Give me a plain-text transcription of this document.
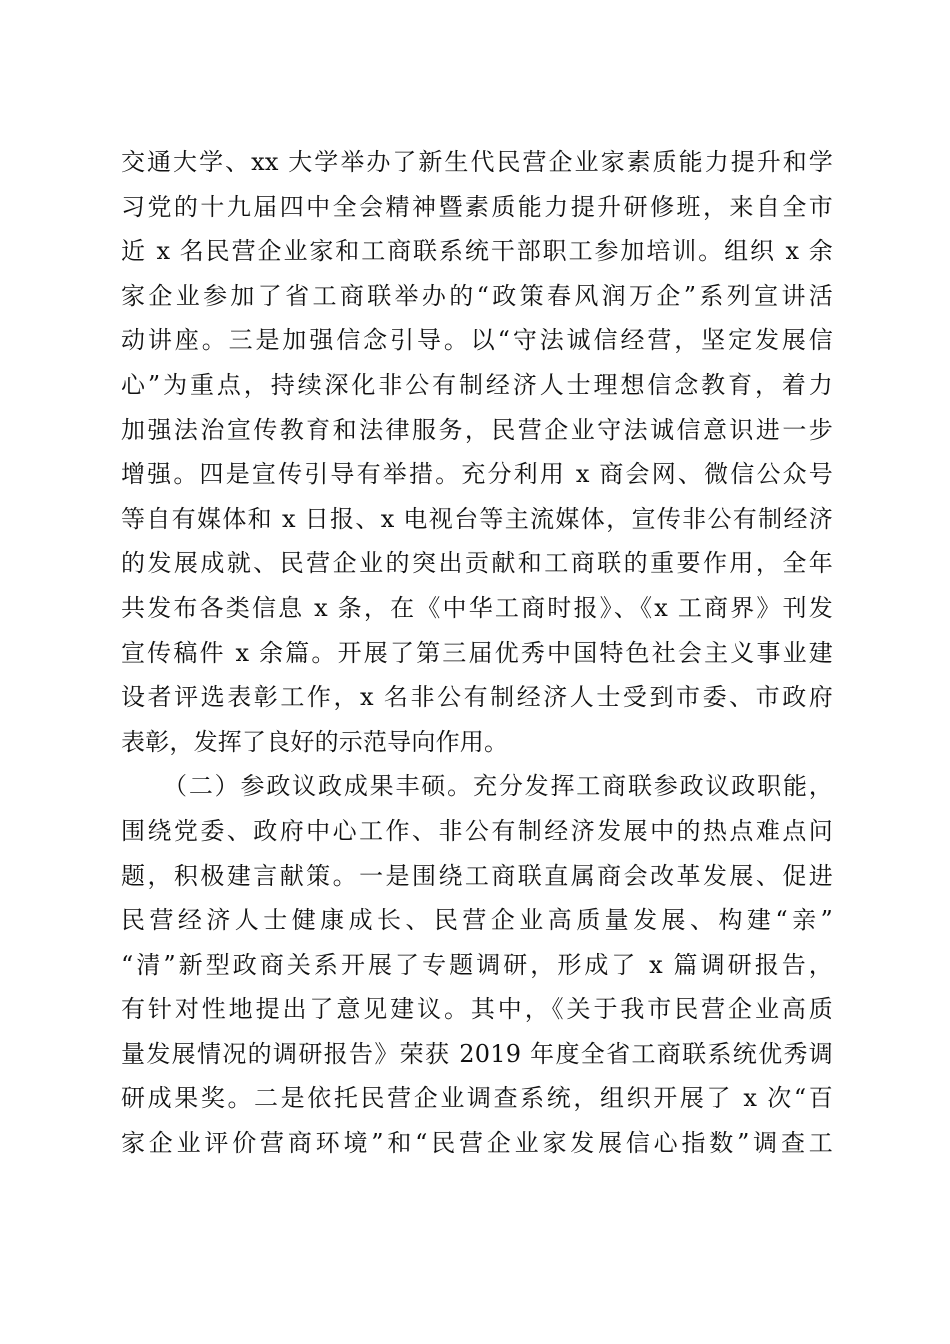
交通大学、xx 大学举办了新生代民营企业家素质能力提升和学
习党的十九届四中全会精神暨素质能力提升研修班，来自全市
近 x 名民营企业家和工商联系统干部职工参加培训。组织 x 余
家企业参加了省工商联举办的“政策春风润万企”系列宣讲活
动讲座。三是加强信念引导。以“守法诚信经营，坚定发展信
心”为重点，持续深化非公有制经济人士理想信念教育，着力
加强法治宣传教育和法律服务，民营企业守法诚信意识进一步
增强。四是宣传引导有举措。充分利用 x 商会网、微信公众号
等自有媒体和 x 日报、x 电视台等主流媒体，宣传非公有制经济
的发展成就、民营企业的突出贡献和工商联的重要作用，全年
共发布各类信息 x 条，在《中华工商时报》、《x 工商界》刊发
宣传稿件 x 余篇。开展了第三届优秀中国特色社会主义事业建
设者评选表彰工作，x 名非公有制经济人士受到市委、市政府
表彰，发挥了良好的示范导向作用。
（二）参政议政成果丰硕。充分发挥工商联参政议政职能，
围绕党委、政府中心工作、非公有制经济发展中的热点难点问
题，积极建言献策。一是围绕工商联直属商会改革发展、促进
民营经济人士健康成长、民营企业高质量发展、构建“亲”
“清”新型政商关系开展了专题调研，形成了 x 篇调研报告，
有针对性地提出了意见建议。其中，《关于我市民营企业高质
量发展情况的调研报告》荣获 2019 年度全省工商联系统优秀调
研成果奖。二是依托民营企业调查系统，组织开展了 x 次“百
家企业评价营商环境”和“民营企业家发展信心指数”调查工
